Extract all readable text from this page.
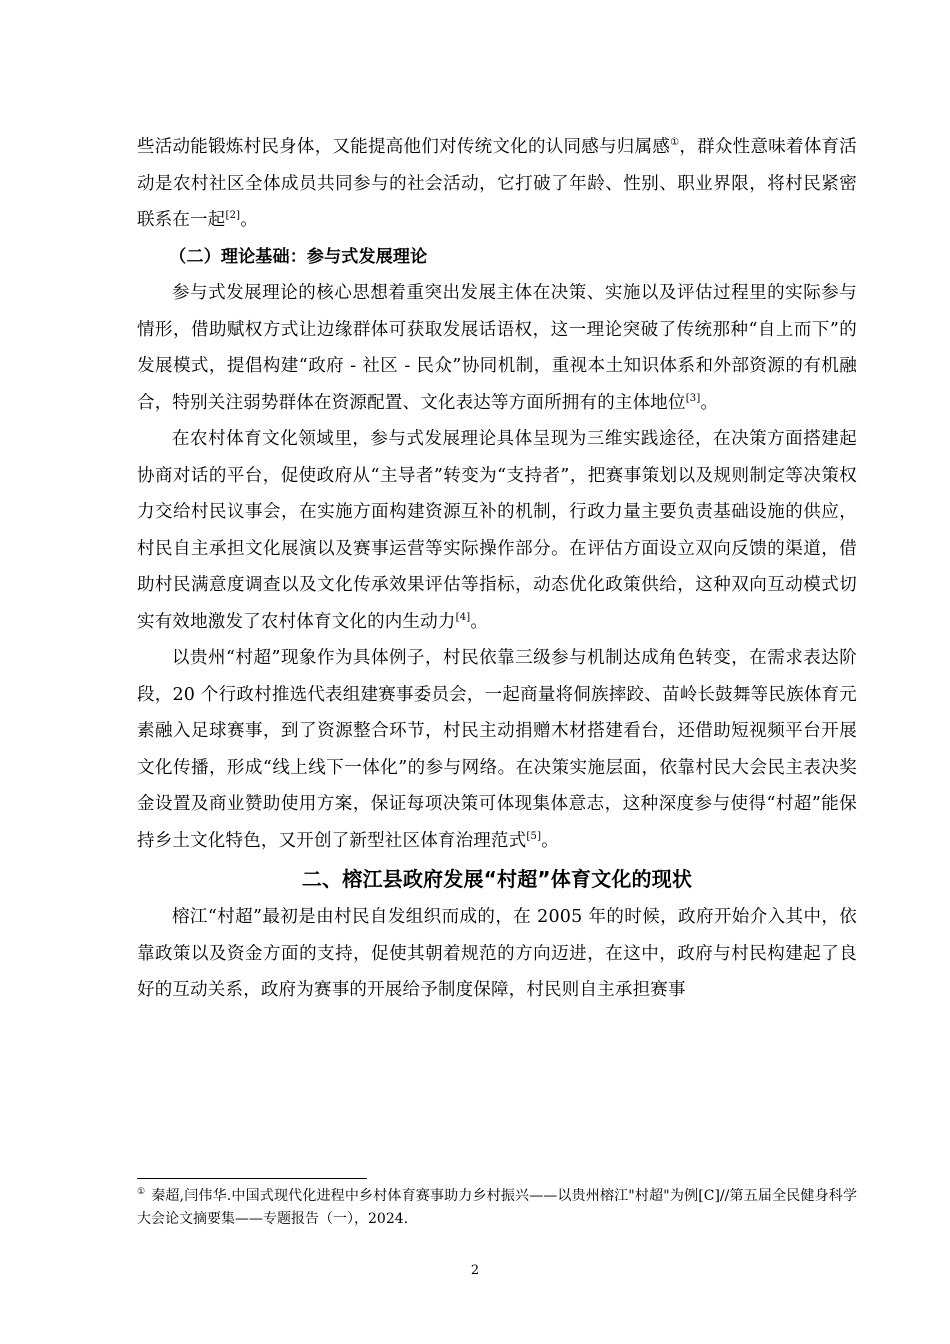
些活动能锻炼村民身体，又能提高他们对传统文化的认同感与归属感①，群众性意味着体育活动是农村社区全体成员共同参与的社会活动，它打破了年龄、性别、职业界限，将村民紧密联系在一起[2]。

（二）理论基础：参与式发展理论

参与式发展理论的核心思想着重突出发展主体在决策、实施以及评估过程里的实际参与情形，借助赋权方式让边缘群体可获取发展话语权，这一理论突破了传统那种“自上而下”的发展模式，提倡构建“政府 - 社区 - 民众”协同机制，重视本土知识体系和外部资源的有机融合，特别关注弱势群体在资源配置、文化表达等方面所拥有的主体地位[3]。

在农村体育文化领域里，参与式发展理论具体呈现为三维实践途径，在决策方面搭建起协商对话的平台，促使政府从“主导者”转变为“支持者”，把赛事策划以及规则制定等决策权力交给村民议事会，在实施方面构建资源互补的机制，行政力量主要负责基础设施的供应，村民自主承担文化展演以及赛事运营等实际操作部分。在评估方面设立双向反馈的渠道，借助村民满意度调查以及文化传承效果评估等指标，动态优化政策供给，这种双向互动模式切实有效地激发了农村体育文化的内生动力[4]。

以贵州“村超”现象作为具体例子，村民依靠三级参与机制达成角色转变，在需求表达阶段，20 个行政村推选代表组建赛事委员会，一起商量将侗族摔跤、苗岭长鼓舞等民族体育元素融入足球赛事，到了资源整合环节，村民主动捐赠木材搭建看台，还借助短视频平台开展文化传播，形成“线上线下一体化”的参与网络。在决策实施层面，依靠村民大会民主表决奖金设置及商业赞助使用方案，保证每项决策可体现集体意志，这种深度参与使得“村超”能保持乡土文化特色，又开创了新型社区体育治理范式[5]。

二、榕江县政府发展“村超”体育文化的现状

榕江“村超”最初是由村民自发组织而成的，在 2005 年的时候，政府开始介入其中，依靠政策以及资金方面的支持，促使其朝着规范的方向迈进，在这中，政府与村民构建起了良好的互动关系，政府为赛事的开展给予制度保障，村民则自主承担赛事

① 秦超,闫伟华.中国式现代化进程中乡村体育赛事助力乡村振兴——以贵州榕江"村超"为例[C]//第五届全民健身科学大会论文摘要集——专题报告（一），2024.
2
